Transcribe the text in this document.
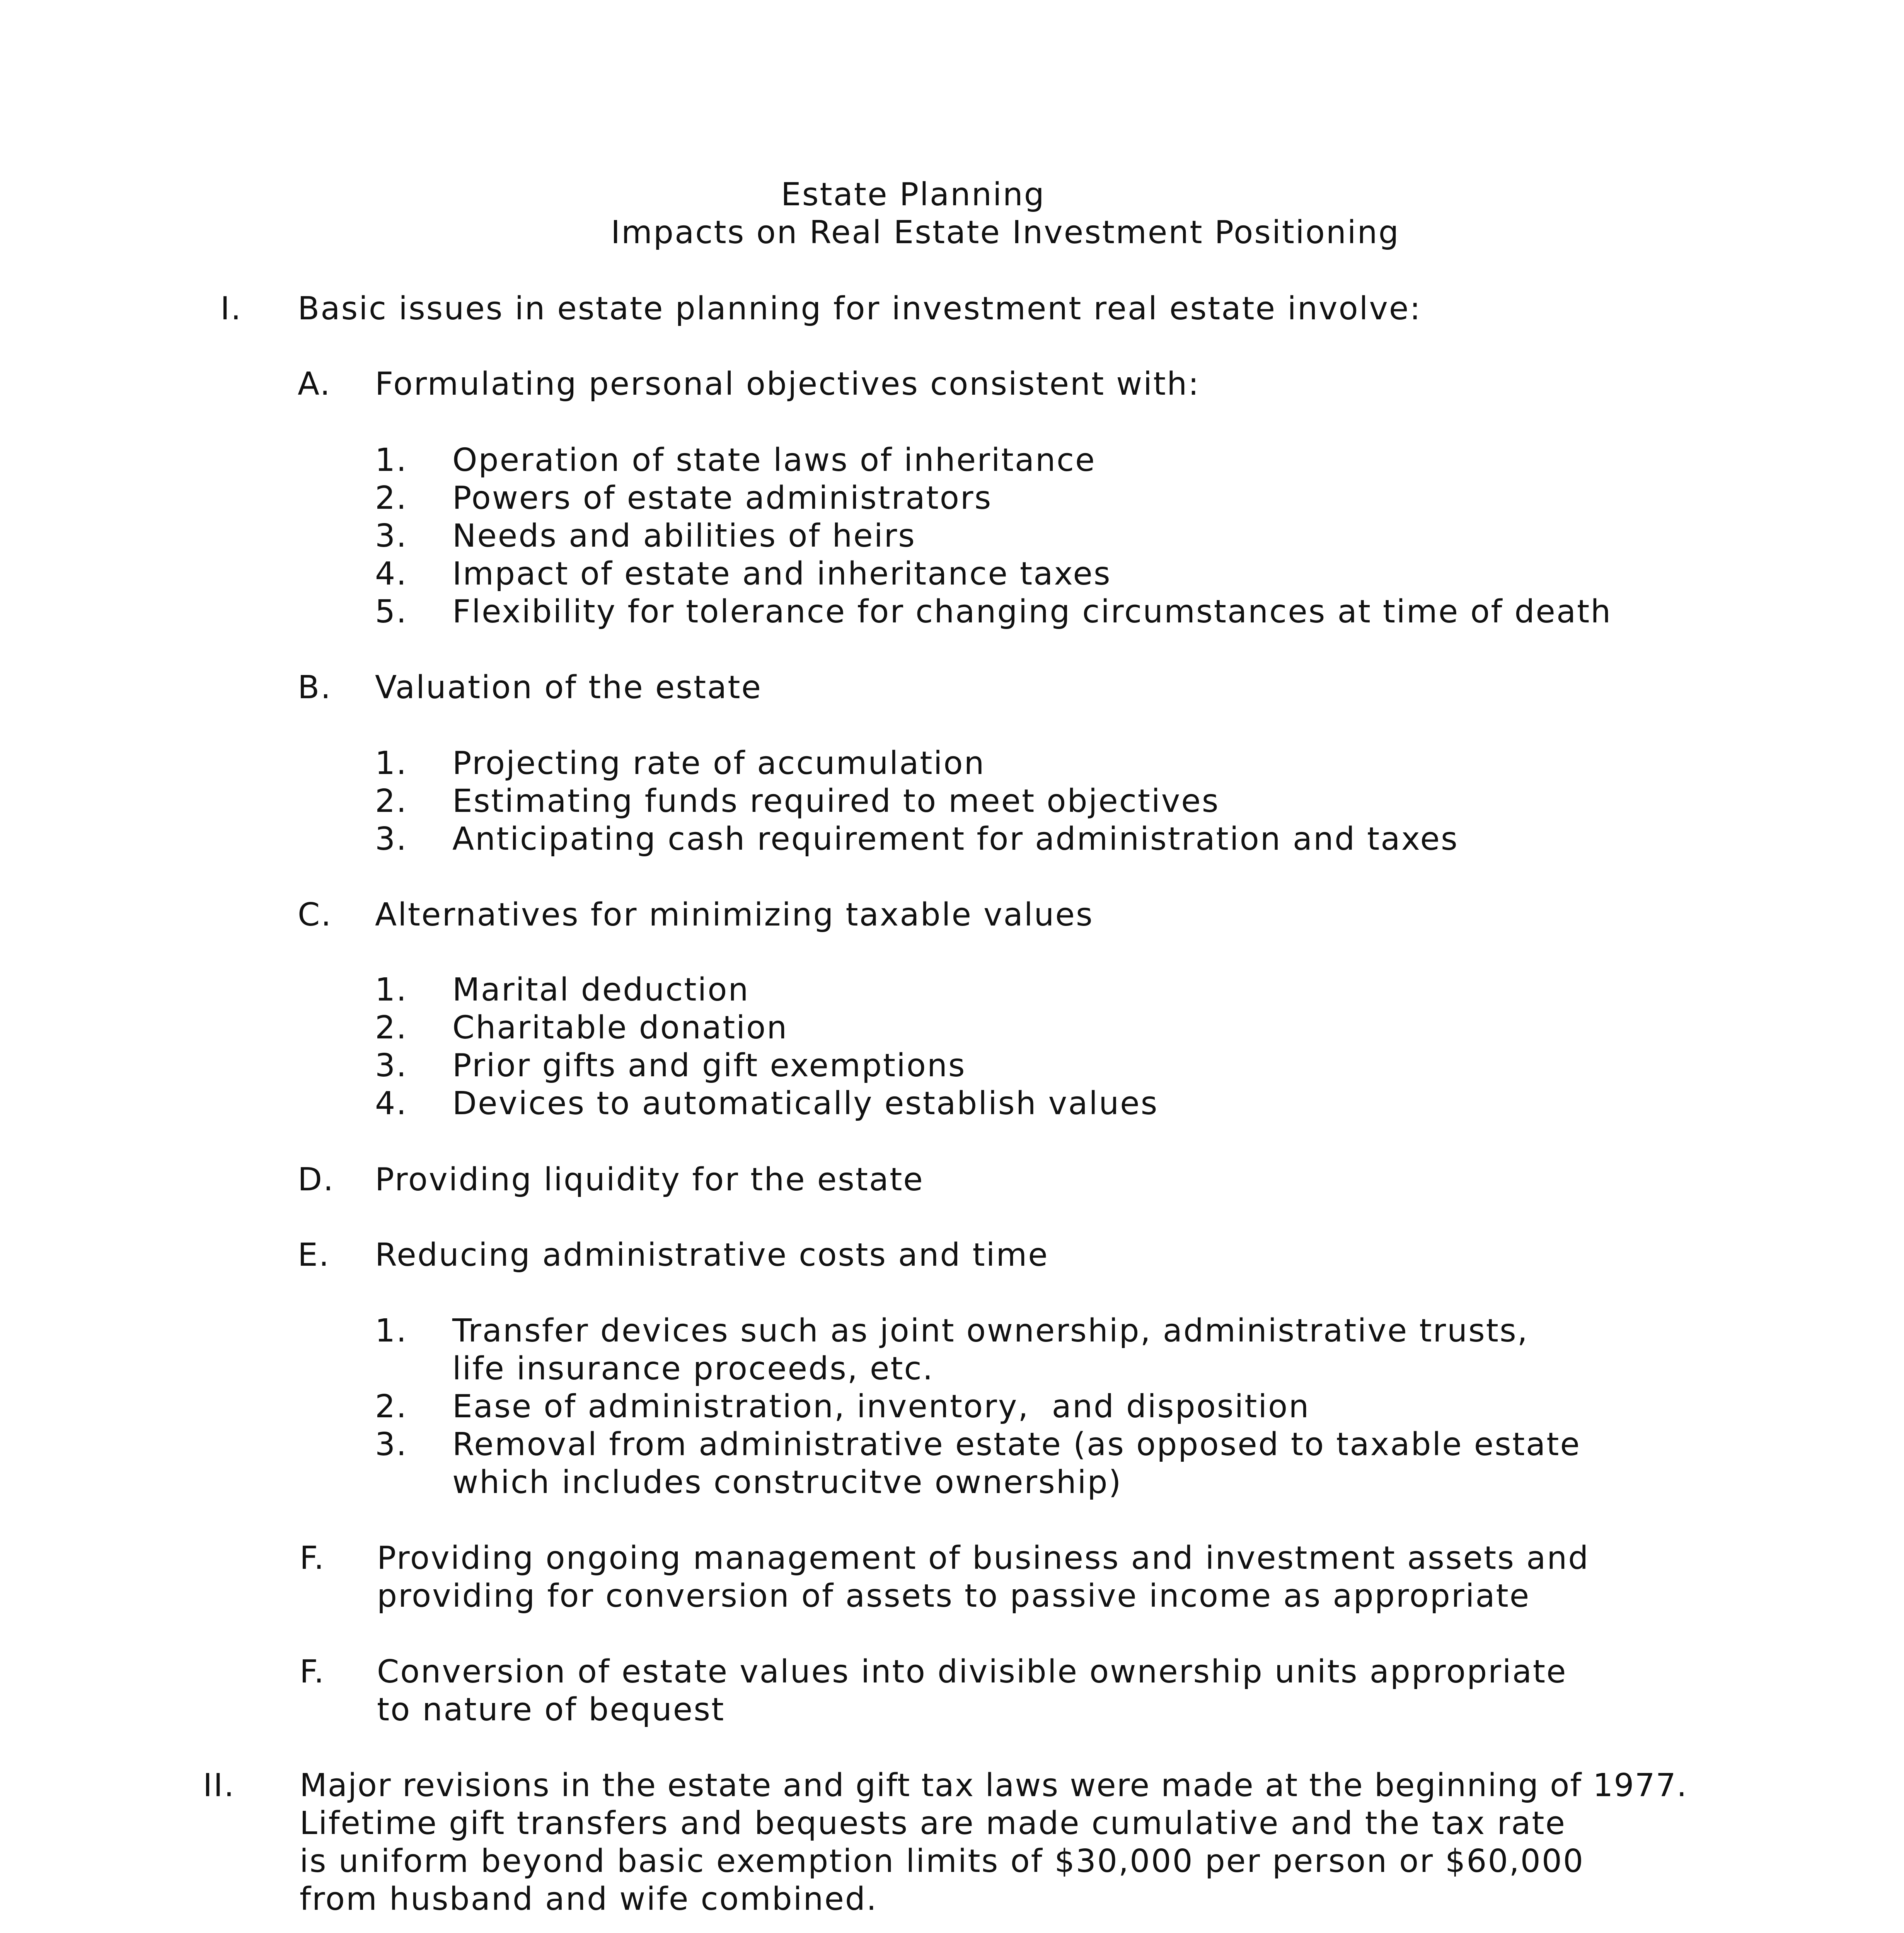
Estate Planning
Impacts on Real Estate Investment Positioning
I. Basic issues in estate planning for investment real estate involve:
A. Formulating personal objectives consistent with:
1. Operation of state laws of inheritance
2. Powers of estate administrators
3. Needs and abilities of heirs
4. Impact of estate and inheritance taxes
5. Flexibility for tolerance for changing circumstances at time of death
B. Valuation of the estate
1. Projecting rate of accumulation
2. Estimating funds required to meet objectives
3. Anticipating cash requirement for administration and taxes
C. Alternatives for minimizing taxable values
1. Marital deduction
2. Charitable donation
3. Prior gifts and gift exemptions
4. Devices to automatically establish values
D. Providing liquidity for the estate
E. Reducing administrative costs and time
1. Transfer devices such as joint ownership, administrative trusts,
life insurance proceeds, etc.
2. Ease of administration, inventory,  and disposition
3. Removal from administrative estate (as opposed to taxable estate
which includes construcitve ownership)
F. Providing ongoing management of business and investment assets and
providing for conversion of assets to passive income as appropriate
F. Conversion of estate values into divisible ownership units appropriate
to nature of bequest
II. Major revisions in the estate and gift tax laws were made at the beginning of 1977.
Lifetime gift transfers and bequests are made cumulative and the tax rate
is uniform beyond basic exemption limits of $30,000 per person or $60,000
from husband and wife combined.
